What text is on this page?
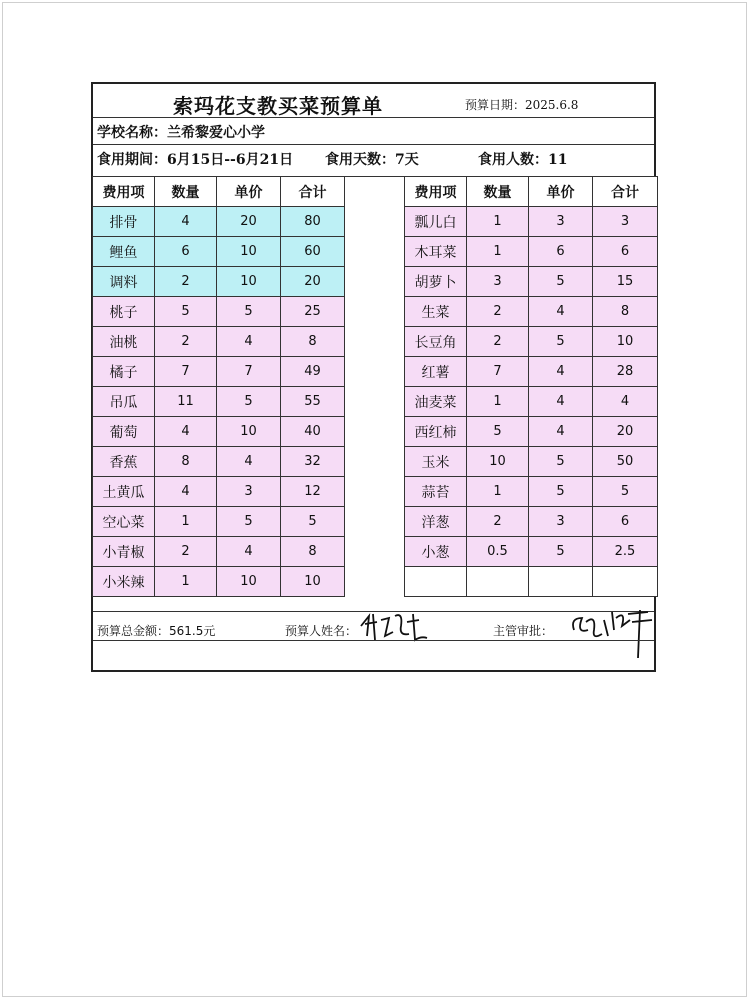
索玛花支教买菜预算单	预算日期：2025.6.8
学校名称：兰希黎爱心小学
食用期间：6月15日--6月21日 食用天数：7天	食用人数：11
费用项	数量	单价	合计
排骨	4	20	80
鲤鱼	6	10	60
调料	2	10	20
桃子	5	5	25
油桃	2	4	8
橘子	7	7	49
吊瓜	11	5	55
葡萄	4	10	40
香蕉	8	4	32
土黄瓜	4	3	12
空心菜	1	5	5
小青椒	2	4	8
小米辣	1	10	10
费用项	数量	单价	合计
瓢儿白	1	3	3
木耳菜	1	6	6
胡萝卜	3	5	15
生菜	2	4	8
长豆角	2	5	10
红薯	7	4	28
油麦菜	1	4	4
西红柿	5	4	20
玉米	10	5	50
蒜苔	1	5	5
洋葱	2	3	6
小葱	0.5	5	2.5

预算总金额：561.5元	预算人姓名：	主管审批：
